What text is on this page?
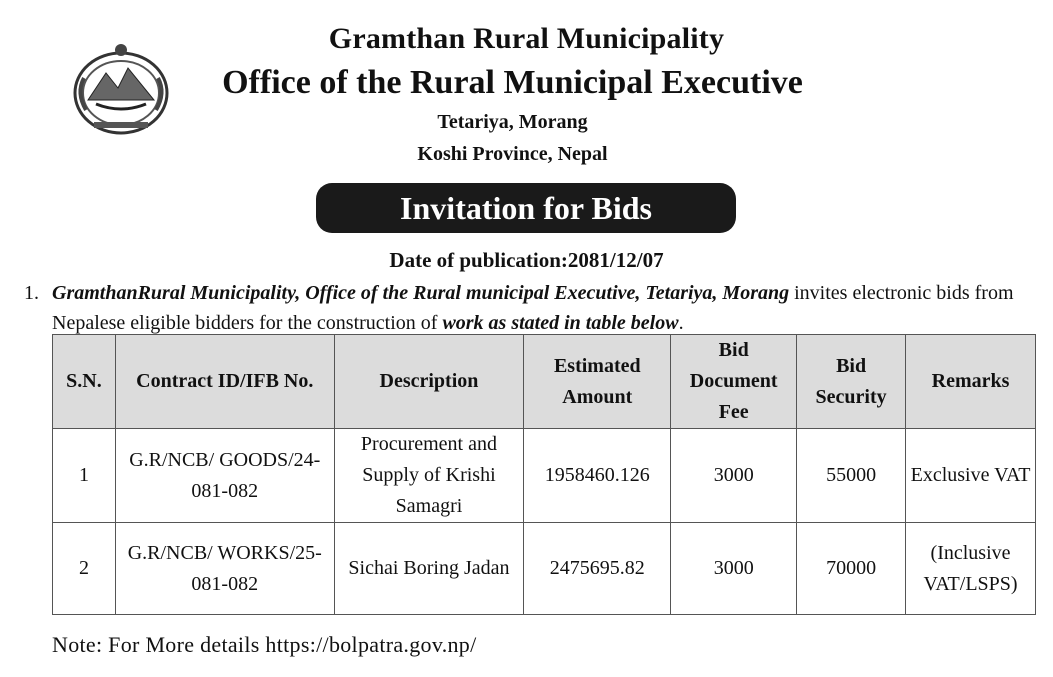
Gramthan Rural Municipality
Office of the Rural Municipal Executive
Tetariya, Morang
Koshi Province, Nepal
Invitation for Bids
Date of publication:2081/12/07
1. GramthanRural Municipality, Office of the Rural municipal Executive, Tetariya, Morang invites electronic bids from Nepalese eligible bidders for the construction of work as stated in table below.
S.N.	Contract ID/IFB No.	Description	Estimated Amount	Bid Document Fee	Bid Security	Remarks
1	G.R/NCB/ GOODS/24-081-082	Procurement and Supply of Krishi Samagri	1958460.126	3000	55000	Exclusive VAT
2	G.R/NCB/ WORKS/25-081-082	Sichai Boring Jadan	2475695.82	3000	70000	(Inclusive VAT/LSPS)
Note: For More details https://bolpatra.gov.np/
